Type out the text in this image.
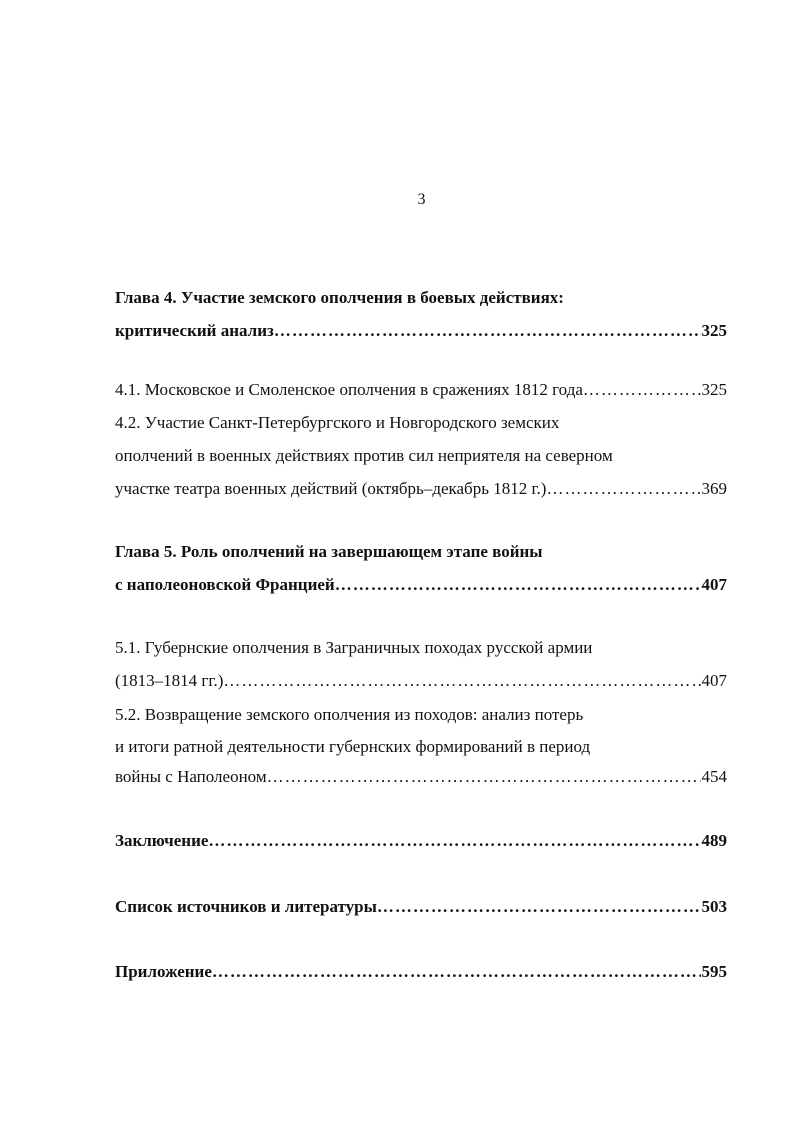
3
Глава 4. Участие земского ополчения в боевых действиях:
критический анализ ……………………………………………………………………………………………………………………………………………………………………………	325
4.1. Московское и Смоленское ополчения в сражениях 1812 года ……………………………………………………………………………………………………………………………………………………………………………	325
4.2. Участие Санкт-Петербургского и Новгородского земских
ополчений в военных действиях против сил неприятеля на северном
участке театра военных действий (октябрь–декабрь 1812 г.) ……………………………………………………………………………………………………………………………………………………………………………	369
Глава 5. Роль ополчений на завершающем этапе войны
с наполеоновской Францией ……………………………………………………………………………………………………………………………………………………………………………	407
5.1. Губернские ополчения в Заграничных походах русской армии
(1813–1814 гг.) ……………………………………………………………………………………………………………………………………………………………………………	407
5.2. Возвращение земского ополчения из походов: анализ потерь
и итоги ратной деятельности губернских формирований в период
войны с Наполеоном ……………………………………………………………………………………………………………………………………………………………………………	454
Заключение ……………………………………………………………………………………………………………………………………………………………………………	489
Список источников и литературы ……………………………………………………………………………………………………………………………………………………………………………	503
Приложение ……………………………………………………………………………………………………………………………………………………………………………	595
